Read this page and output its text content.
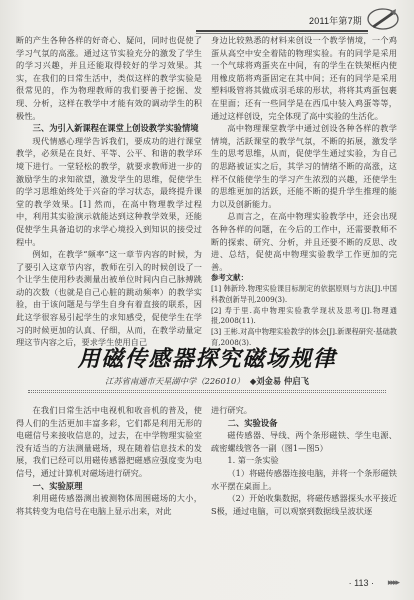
2011年第7期

断的产生各种各样的好奇心、疑问，同时也促使了学习气氛的高涨。通过这节实验充分的激发了学生的学习兴趣，并且还能取得较好的学习效果。其实，在我们的日常生活中，类似这样的教学实验是很常见的，作为物理教师的我们要善于挖掘、发现、分析，这样在教学中才能有效的调动学生的积极性。

三、为引入新课程在课堂上创设教学实验情境

现代情感心理学告诉我们，要成功的进行课堂教学，必须是在良好、平等、公平、和谐的教学环境下进行。一堂轻松的教学，就要求教师进一步的激励学生的求知欲望，激发学生的思维，促使学生的学习思维始终处于兴奋的学习状态，最终提升课堂的教学效果。[1] 然而，在高中物理教学过程中，利用其实验演示就能达到这种教学效果，还能促使学生具备追切的求学心境投入到知识的接受过程中。

例如，在教学“频率”这一章节内容的时候，为了要引入这章节内容，教师在引入的时候创设了一个让学生使用秒表测量出被单位时间内自己脉搏跳动的次数（也就是自己心脏的跳动频率）的教学实验，由于该问题是与学生自身有着直接的联系，因此这学很容易引起学生的求知感受，促使学生在学习的时候更加的认真、仔细，从而，在教学动量定理这节内容之后，要求学生使用自己

身边比较熟悉的材料来创设一个教学情境，一个鸡蛋从高空中安全着陆的物理实验。有的同学是采用一个气球将鸡蛋夹在中间，有的学生在铁架框内使用橡皮筋将鸡蛋固定在其中间；还有的同学是采用塑料吸管将其做成羽毛球的形状，将将其鸡蛋包裹在里面；还有一些同学是在西瓜中装入鸡蛋等等，通过这样创设，完全体现了高中实验的生活化。

高中物理课堂教学中通过创设各种各样的教学情境，活跃课堂的教学气氛，不断的拓展，激发学生的思考思维，从而，促使学生通过实验，为自己的思路被证实之后，其学习的情绪不断的高涨，这样不仅能使学生的学习产生浓烈的兴趣，还使学生的思维更加的活跃，还能不断的提升学生推理的能力以及创新能力。

总而言之，在高中物理实验教学中，还会出现各种各样的问题，在今后的工作中，还需要教师不断的探索、研究、分析，并且还要不断的反思、改进、总结，促使高中物理实验教学工作更加的完善。

参考文献：
[1] 韩新玲.物理实验课目标制定的依据原则与方法[J].中国科教创新导刊,2009(3).
[2] 寿于里.高中物理实验教学现状及思考[J].物理通报,2008(11).
[3] 王彬.对高中物理实验教学的体会[J].新课程研究·基础教育,2008(3).
用磁传感器探究磁场规律
江苏省南通市天星湖中学（226010） ◆刘金易 仲启飞

在我们日常生活中电视机和收音机的普及，使得人们的生活更加丰富多彩，它们都是利用无形的电磁信号来接收信息的，过去，在中学物理实验室没有适当的方法测量磁场，现在随着信息技术的发展，我们已经可以用磁传感器把磁感应强度变为电信号，通过计算机对磁场进行研究。

一、实验原理

利用磁传感器测出被测物体周围磁场的大小，将其转变为电信号在电脑上显示出来，对此

进行研究。

二、实验设备

磁传感器、导线、两个条形磁铁、学生电源、疏密螺线管各一副（图1—图5）

1. 第一条实验

（1）将磁传感器连接电脑，并将一个条形磁铁水平摆在桌面上。

（2）开始收集数据，将磁传感器探头水平接近S极，通过电脑，可以观察到数据线呈波状逐

· 113 · ▸▸▸▸
